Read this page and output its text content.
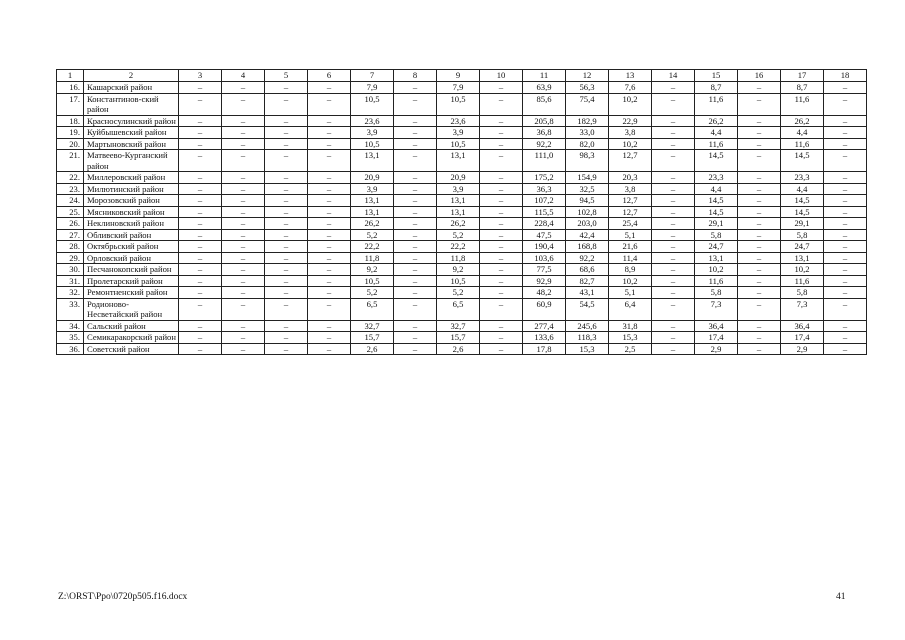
1	2	3	4	5	6	7	8	9	10	11	12	13	14	15	16	17	18
16.	Кашарский район	–	–	–	–	7,9	–	7,9	–	63,9	56,3	7,6	–	8,7	–	8,7	–
17.	Константинов-ский район	–	–	–	–	10,5	–	10,5	–	85,6	75,4	10,2	–	11,6	–	11,6	–
18.	Красносулинский район	–	–	–	–	23,6	–	23,6	–	205,8	182,9	22,9	–	26,2	–	26,2	–
19.	Куйбышевский район	–	–	–	–	3,9	–	3,9	–	36,8	33,0	3,8	–	4,4	–	4,4	–
20.	Мартыновский район	–	–	–	–	10,5	–	10,5	–	92,2	82,0	10,2	–	11,6	–	11,6	–
21.	Матвеево-Курганский район	–	–	–	–	13,1	–	13,1	–	111,0	98,3	12,7	–	14,5	–	14,5	–
22.	Миллеровский район	–	–	–	–	20,9	–	20,9	–	175,2	154,9	20,3	–	23,3	–	23,3	–
23.	Милютинский район	–	–	–	–	3,9	–	3,9	–	36,3	32,5	3,8	–	4,4	–	4,4	–
24.	Морозовский район	–	–	–	–	13,1	–	13,1	–	107,2	94,5	12,7	–	14,5	–	14,5	–
25.	Мясниковский район	–	–	–	–	13,1	–	13,1	–	115,5	102,8	12,7	–	14,5	–	14,5	–
26.	Неклиновский район	–	–	–	–	26,2	–	26,2	–	228,4	203,0	25,4	–	29,1	–	29,1	–
27.	Обливский район	–	–	–	–	5,2	–	5,2	–	47,5	42,4	5,1	–	5,8	–	5,8	–
28.	Октябрьский район	–	–	–	–	22,2	–	22,2	–	190,4	168,8	21,6	–	24,7	–	24,7	–
29.	Орловский район	–	–	–	–	11,8	–	11,8	–	103,6	92,2	11,4	–	13,1	–	13,1	–
30.	Песчанокопский район	–	–	–	–	9,2	–	9,2	–	77,5	68,6	8,9	–	10,2	–	10,2	–
31.	Пролетарский район	–	–	–	–	10,5	–	10,5	–	92,9	82,7	10,2	–	11,6	–	11,6	–
32.	Ремонтненский район	–	–	–	–	5,2	–	5,2	–	48,2	43,1	5,1	–	5,8	–	5,8	–
33.	Родионово-Несветайский район	–	–	–	–	6,5	–	6,5	–	60,9	54,5	6,4	–	7,3	–	7,3	–
34.	Сальский район	–	–	–	–	32,7	–	32,7	–	277,4	245,6	31,8	–	36,4	–	36,4	–
35.	Семикаракорский район	–	–	–	–	15,7	–	15,7	–	133,6	118,3	15,3	–	17,4	–	17,4	–
36.	Советский район	–	–	–	–	2,6	–	2,6	–	17,8	15,3	2,5	–	2,9	–	2,9	–
Z:\ORST\Ppo\0720p505.f16.docx	41
